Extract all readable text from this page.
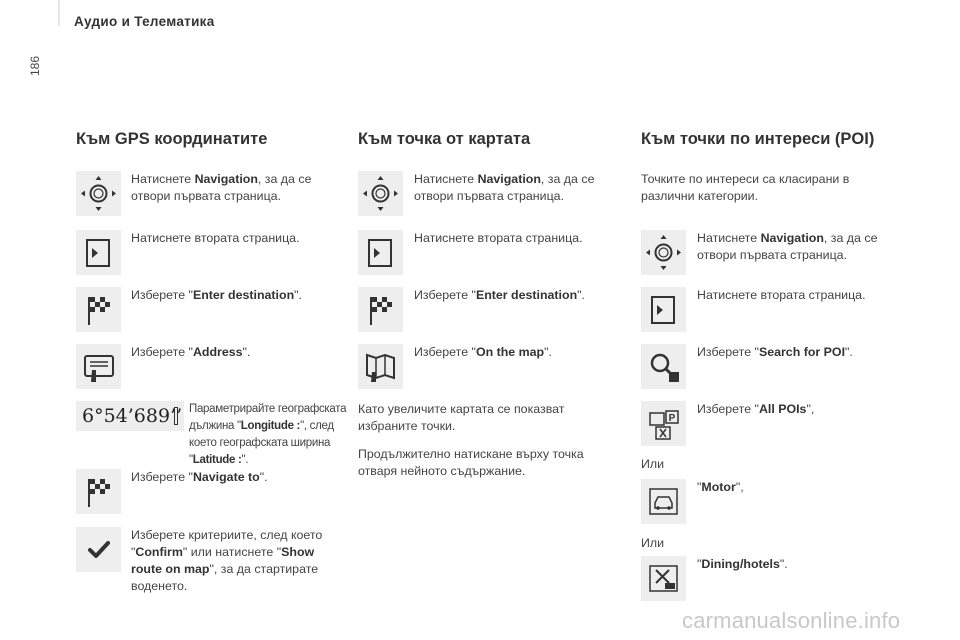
Аудио и Телематика
186
Към GPS координатите
Натиснете Navigation, за да се отвори първата страница.
Натиснете втората страница.
Изберете "Enter destination".
Изберете "Address".
6°54’689’’ Параметрирайте географската дължина "Longitude :", след което географската ширина "Latitude :".
Изберете "Navigate to".
Изберете критериите, след което "Confirm" или натиснете "Show route on map", за да стартирате воденето.
Към точка от картата
Натиснете Navigation, за да се отвори първата страница.
Натиснете втората страница.
Изберете "Enter destination".
Изберете "On the map".
Като увеличите картата се показват избраните точки.
Продължително натискане върху точка отваря нейното съдържание.
Към точки по интереси (POI)
Точките по интереси са класирани в различни категории.
Натиснете Navigation, за да се отвори първата страница.
Натиснете втората страница.
Изберете "Search for POI".
P
Изберете "All POIs",
Или
"Motor",
Или
"Dining/hotels".
carmanualsonline.info
